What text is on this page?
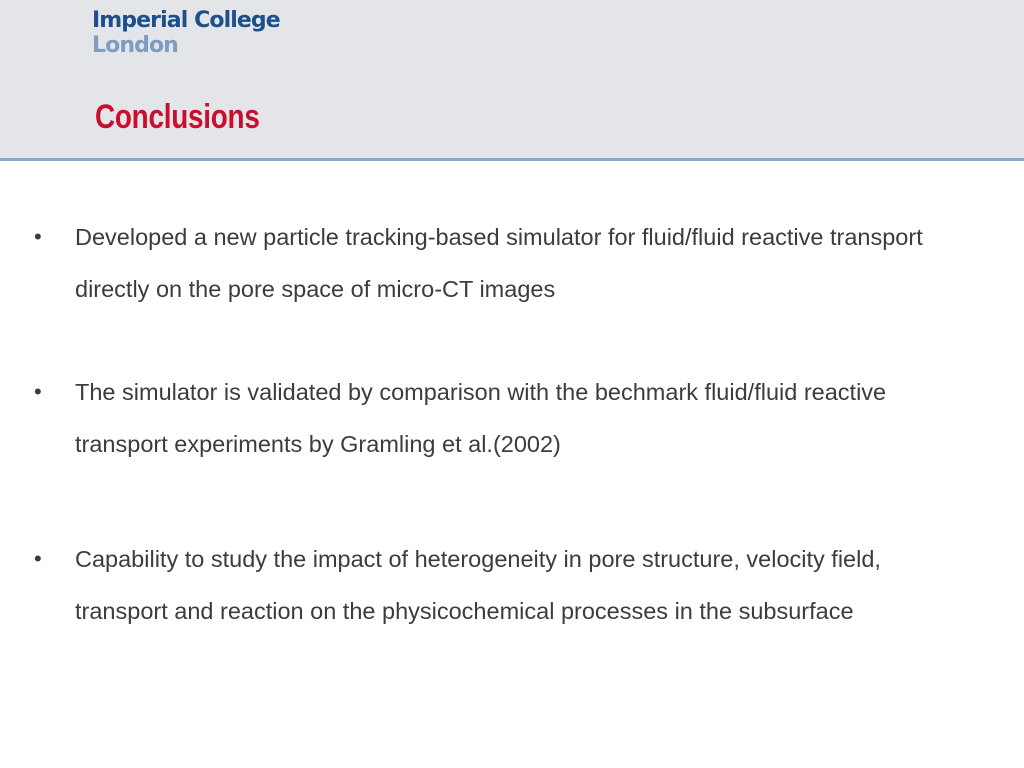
Imperial College
London
Conclusions
• Developed a new particle tracking-based simulator for fluid/fluid reactive transport directly on the pore space of micro-CT images
• The simulator is validated by comparison with the bechmark fluid/fluid reactive transport experiments by Gramling et al.(2002)
• Capability to study the impact of heterogeneity in pore structure, velocity field, transport and reaction on the physicochemical processes in the subsurface
